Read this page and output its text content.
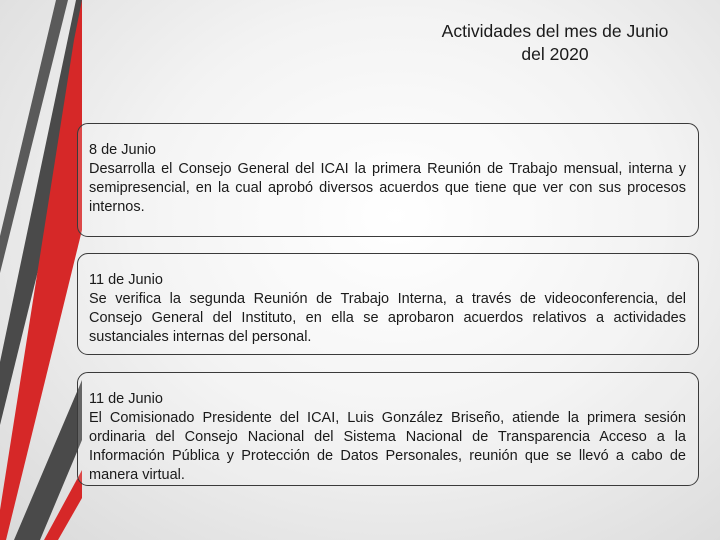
Actividades del mes de Junio
del 2020
8 de Junio
Desarrolla el Consejo General del ICAI la primera Reunión de Trabajo mensual, interna y semipresencial, en la cual aprobó diversos acuerdos que tiene que ver con sus procesos internos.
11 de Junio
Se verifica la segunda Reunión de Trabajo Interna, a través de videoconferencia, del Consejo General del Instituto, en ella se aprobaron acuerdos relativos a actividades sustanciales internas del personal.
11 de Junio
El Comisionado Presidente del ICAI, Luis González Briseño, atiende la primera sesión ordinaria del Consejo Nacional del Sistema Nacional de Transparencia Acceso a la Información Pública y Protección de Datos Personales, reunión que se llevó a cabo de manera virtual.
